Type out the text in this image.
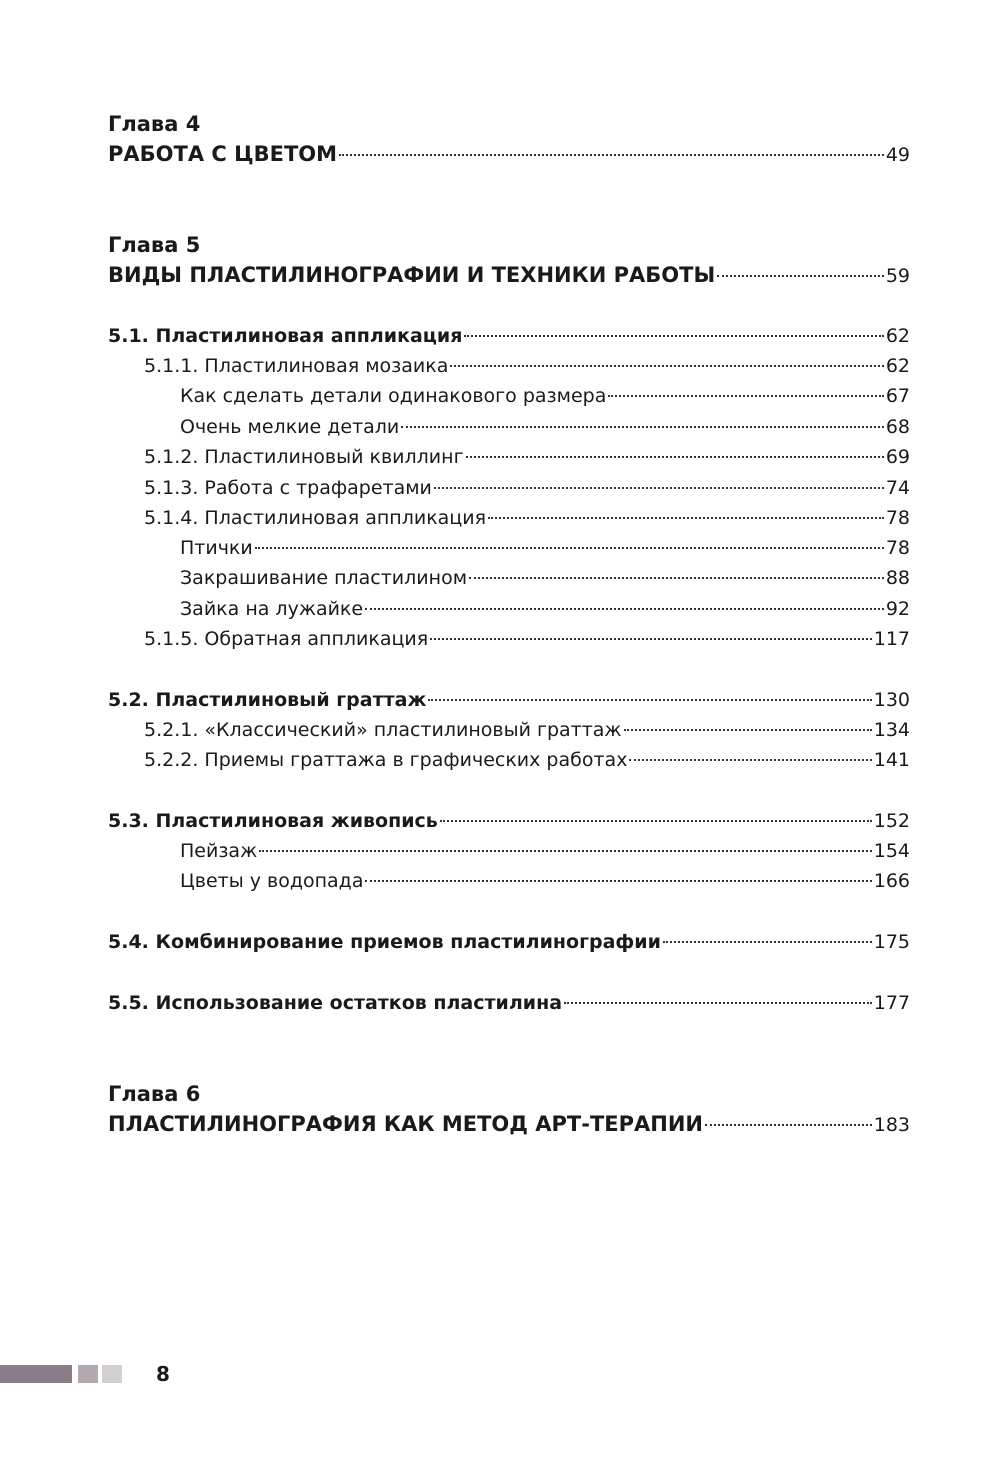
Глава 4
РАБОТА С ЦВЕТОМ	49
Глава 5
ВИДЫ ПЛАСТИЛИНОГРАФИИ И ТЕХНИКИ РАБОТЫ	59
5.1. Пластилиновая аппликация	62
5.1.1. Пластилиновая мозаика	62
Как сделать детали одинакового размера	67
Очень мелкие детали	68
5.1.2. Пластилиновый квиллинг	69
5.1.3. Работа с трафаретами	74
5.1.4. Пластилиновая аппликация	78
Птички	78
Закрашивание пластилином	88
Зайка на лужайке	92
5.1.5. Обратная аппликация	117
5.2. Пластилиновый граттаж	130
5.2.1. «Классический» пластилиновый граттаж	134
5.2.2. Приемы граттажа в графических работах	141
5.3. Пластилиновая живопись	152
Пейзаж	154
Цветы у водопада	166
5.4. Комбинирование приемов пластилинографии	175
5.5. Использование остатков пластилина	177
Глава 6
ПЛАСТИЛИНОГРАФИЯ КАК МЕТОД АРТ-ТЕРАПИИ	183
8
